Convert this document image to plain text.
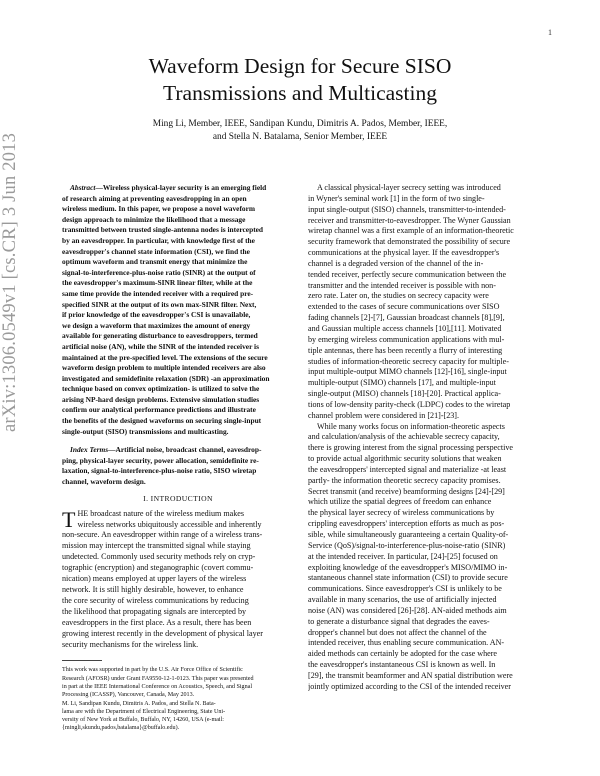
1
arXiv:1306.0549v1 [cs.CR] 3 Jun 2013
Waveform Design for Secure SISO
Transmissions and Multicasting
Ming Li, Member, IEEE, Sandipan Kundu, Dimitris A. Pados, Member, IEEE,
and Stella N. Batalama, Senior Member, IEEE
Abstract—Wireless physical-layer security is an emerging field
of research aiming at preventing eavesdropping in an open
wireless medium. In this paper, we propose a novel waveform
design approach to minimize the likelihood that a message
transmitted between trusted single-antenna nodes is intercepted
by an eavesdropper. In particular, with knowledge first of the
eavesdropper's channel state information (CSI), we find the
optimum waveform and transmit energy that minimize the
signal-to-interference-plus-noise ratio (SINR) at the output of
the eavesdropper's maximum-SINR linear filter, while at the
same time provide the intended receiver with a required pre-
specified SINR at the output of its own max-SINR filter. Next,
if prior knowledge of the eavesdropper's CSI is unavailable,
we design a waveform that maximizes the amount of energy
available for generating disturbance to eavesdroppers, termed
artificial noise (AN), while the SINR of the intended receiver is
maintained at the pre-specified level. The extensions of the secure
waveform design problem to multiple intended receivers are also
investigated and semidefinite relaxation (SDR) -an approximation
technique based on convex optimization- is utilized to solve the
arising NP-hard design problems. Extensive simulation studies
confirm our analytical performance predictions and illustrate
the benefits of the designed waveforms on securing single-input
single-output (SISO) transmissions and multicasting.
Index Terms—Artificial noise, broadcast channel, eavesdrop-
ping, physical-layer security, power allocation, semidefinite re-
laxation, signal-to-interference-plus-noise ratio, SISO wiretap
channel, waveform design.
I. INTRODUCTION
T HE broadcast nature of the wireless medium makes
wireless networks ubiquitously accessible and inherently
non-secure. An eavesdropper within range of a wireless trans-
mission may intercept the transmitted signal while staying
undetected. Commonly used security methods rely on cryp-
tographic (encryption) and steganographic (covert commu-
nication) means employed at upper layers of the wireless
network. It is still highly desirable, however, to enhance
the core security of wireless communications by reducing
the likelihood that propagating signals are intercepted by
eavesdroppers in the first place. As a result, there has been
growing interest recently in the development of physical layer
security mechanisms for the wireless link.
This work was supported in part by the U.S. Air Force Office of Scientific
Research (AFOSR) under Grant FA9550-12-1-0123. This paper was presented
in part at the IEEE International Conference on Acoustics, Speech, and Signal
Processing (ICASSP), Vancouver, Canada, May 2013.
M. Li, Sandipan Kundu, Dimitris A. Pados, and Stella N. Bata-
lama are with the Department of Electrical Engineering, State Uni-
versity of New York at Buffalo, Buffalo, NY, 14260, USA (e-mail:
{mingli,skundu,pados,batalama}@buffalo.edu).
A classical physical-layer secrecy setting was introduced
in Wyner's seminal work [1] in the form of two single-
input single-output (SISO) channels, transmitter-to-intended-
receiver and transmitter-to-eavesdropper. The Wyner Gaussian
wiretap channel was a first example of an information-theoretic
security framework that demonstrated the possibility of secure
communications at the physical layer. If the eavesdropper's
channel is a degraded version of the channel of the in-
tended receiver, perfectly secure communication between the
transmitter and the intended receiver is possible with non-
zero rate. Later on, the studies on secrecy capacity were
extended to the cases of secure communications over SISO
fading channels [2]-[7], Gaussian broadcast channels [8],[9],
and Gaussian multiple access channels [10],[11]. Motivated
by emerging wireless communication applications with mul-
tiple antennas, there has been recently a flurry of interesting
studies of information-theoretic secrecy capacity for multiple-
input multiple-output MIMO channels [12]-[16], single-input
multiple-output (SIMO) channels [17], and multiple-input
single-output (MISO) channels [18]-[20]. Practical applica-
tions of low-density parity-check (LDPC) codes to the wiretap
channel problem were considered in [21]-[23].
While many works focus on information-theoretic aspects
and calculation/analysis of the achievable secrecy capacity,
there is growing interest from the signal processing perspective
to provide actual algorithmic security solutions that weaken
the eavesdroppers' intercepted signal and materialize -at least
partly- the information theoretic secrecy capacity promises.
Secret transmit (and receive) beamforming designs [24]-[29]
which utilize the spatial degrees of freedom can enhance
the physical layer secrecy of wireless communications by
crippling eavesdroppers' interception efforts as much as pos-
sible, while simultaneously guaranteeing a certain Quality-of-
Service (QoS)/signal-to-interference-plus-noise-ratio (SINR)
at the intended receiver. In particular, [24]-[25] focused on
exploiting knowledge of the eavesdropper's MISO/MIMO in-
stantaneous channel state information (CSI) to provide secure
communications. Since eavesdropper's CSI is unlikely to be
available in many scenarios, the use of artificially injected
noise (AN) was considered [26]-[28]. AN-aided methods aim
to generate a disturbance signal that degrades the eaves-
dropper's channel but does not affect the channel of the
intended receiver, thus enabling secure communication. AN-
aided methods can certainly be adopted for the case where
the eavesdropper's instantaneous CSI is known as well. In
[29], the transmit beamformer and AN spatial distribution were
jointly optimized according to the CSI of the intended receiver
